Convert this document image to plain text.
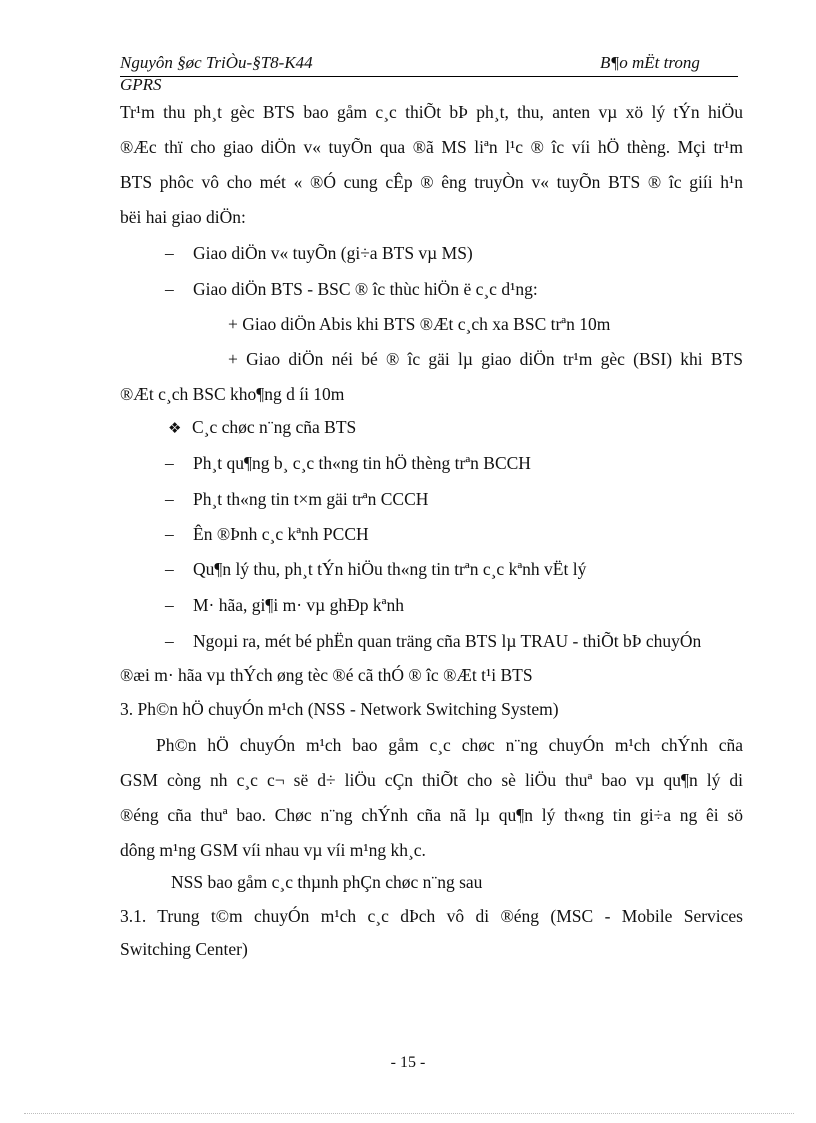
Nguyôn §øc TriÒu-§T8-K44	B¶o mËt trong
GPRS
Tr¹m thu ph¸t gèc BTS bao gåm c¸c thiÕt bÞ ph¸t, thu, anten vµ xö lý tÝn hiÖu
®Æc thï cho giao diÖn v« tuyÕn qua ®ã MS liªn l¹c ® îc víi hÖ thèng. Mçi tr¹m
BTS phôc vô cho mét « ®Ó cung cÊp ® êng truyÒn v« tuyÕn BTS ® îc giíi h¹n
bëi hai giao diÖn:
– Giao diÖn v« tuyÕn (gi÷a BTS vµ MS)
– Giao diÖn BTS - BSC ® îc thùc hiÖn ë c¸c d¹ng:
+ Giao diÖn Abis khi BTS ®Æt c¸ch xa BSC trªn 10m
+ Giao diÖn néi bé ® îc gäi lµ giao diÖn tr¹m gèc (BSI) khi BTS
®Æt c¸ch BSC kho¶ng d íi 10m
❖ C¸c chøc n¨ng cña BTS
– Ph¸t qu¶ng b¸ c¸c th«ng tin hÖ thèng trªn BCCH
– Ph¸t th«ng tin t×m gäi trªn CCCH
– Ên ®Þnh c¸c kªnh PCCH
– Qu¶n lý thu, ph¸t tÝn hiÖu th«ng tin trªn c¸c kªnh vËt lý
– M· hãa, gi¶i m· vµ ghÐp kªnh
– Ngoµi ra, mét bé phËn quan träng cña BTS lµ TRAU - thiÕt bÞ chuyÓn
®æi m· hãa vµ thÝch øng tèc ®é cã thÓ ® îc ®Æt t¹i BTS
3. Ph©n hÖ chuyÓn m¹ch (NSS - Network Switching System)
Ph©n hÖ chuyÓn m¹ch bao gåm c¸c chøc n¨ng chuyÓn m¹ch chÝnh cña
GSM còng nh c¸c c¬ së d÷ liÖu cÇn thiÕt cho sè liÖu thuª bao vµ qu¶n lý di
®éng cña thuª bao. Chøc n¨ng chÝnh cña nã lµ qu¶n lý th«ng tin gi÷a ng êi sö
dông m¹ng GSM víi nhau vµ víi m¹ng kh¸c.
NSS bao gåm c¸c thµnh phÇn chøc n¨ng sau
3.1. Trung t©m chuyÓn m¹ch c¸c dÞch vô di ®éng (MSC - Mobile Services
Switching Center)
- 15 -
